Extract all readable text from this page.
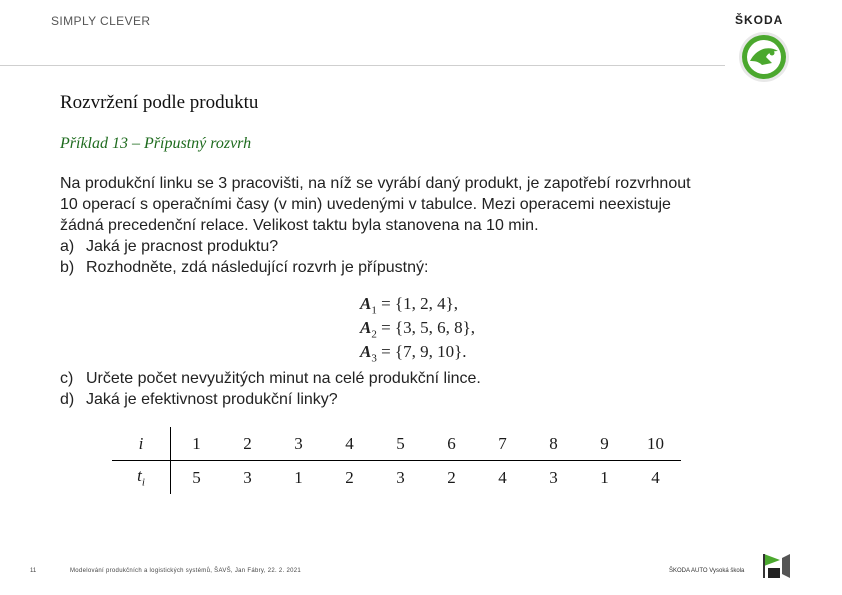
SIMPLY CLEVER	ŠKODA
Rozvržení podle produktu
Příklad 13 – Přípustný rozvrh

Na produkční linku se 3 pracovišti, na níž se vyrábí daný produkt, je zapotřebí rozvrhnout

10 operací s operačními časy (v min) uvedenými v tabulce. Mezi operacemi neexistuje

žádná precedenční relace. Velikost taktu byla stanovena na 10 min.

a) Jaká je pracnost produktu?
b) Rozhodněte, zdá následující rozvrh je přípustný:
$A_1 = \{1$, 2, 4},
$A_2 = \{3$, 5, 6, 8},
$A_3 = \{7$, 9, 10}.
c) Určete počet nevyužitých minut na celé produkční lince.
d) Jaká je efektivnost produkční linky?
i	1	2	3	4	5	6	7	8	9	10
$t_i$	5	3	1	2	3	2	4	3	1	4
11	Modelování produkčních a logistických systémů, ŠAVŠ, Jan Fábry, 22. 2. 2021	ŠKODA AUTO Vysoká škola
